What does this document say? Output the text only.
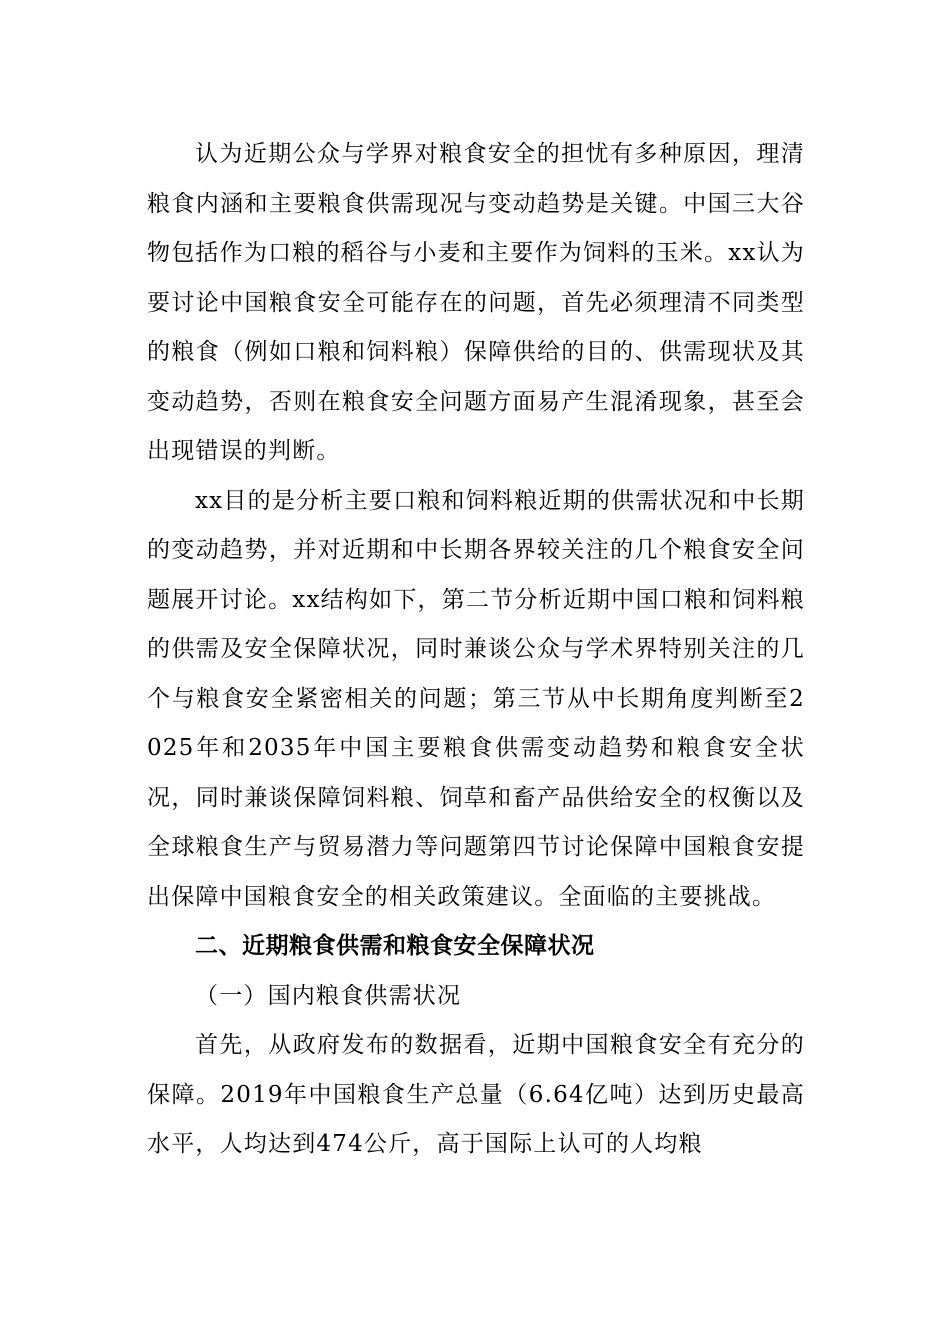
认为近期公众与学界对粮食安全的担忧有多种原因，理清粮食内涵和主要粮食供需现况与变动趋势是关键。中国三大谷物包括作为口粮的稻谷与小麦和主要作为饲料的玉米。xx认为要讨论中国粮食安全可能存在的问题，首先必须理清不同类型的粮食（例如口粮和饲料粮）保障供给的目的、供需现状及其变动趋势，否则在粮食安全问题方面易产生混淆现象，甚至会出现错误的判断。

xx目的是分析主要口粮和饲料粮近期的供需状况和中长期的变动趋势，并对近期和中长期各界较关注的几个粮食安全问题展开讨论。xx结构如下，第二节分析近期中国口粮和饲料粮的供需及安全保障状况，同时兼谈公众与学术界特别关注的几个与粮食安全紧密相关的问题；第三节从中长期角度判断至2025年和2035年中国主要粮食供需变动趋势和粮食安全状况，同时兼谈保障饲料粮、饲草和畜产品供给安全的权衡以及全球粮食生产与贸易潜力等问题第四节讨论保障中国粮食安提出保障中国粮食安全的相关政策建议。全面临的主要挑战。

二、近期粮食供需和粮食安全保障状况

（一）国内粮食供需状况

首先，从政府发布的数据看，近期中国粮食安全有充分的保障。2019年中国粮食生产总量（6.64亿吨）达到历史最高水平，人均达到474公斤，高于国际上认可的人均粮
